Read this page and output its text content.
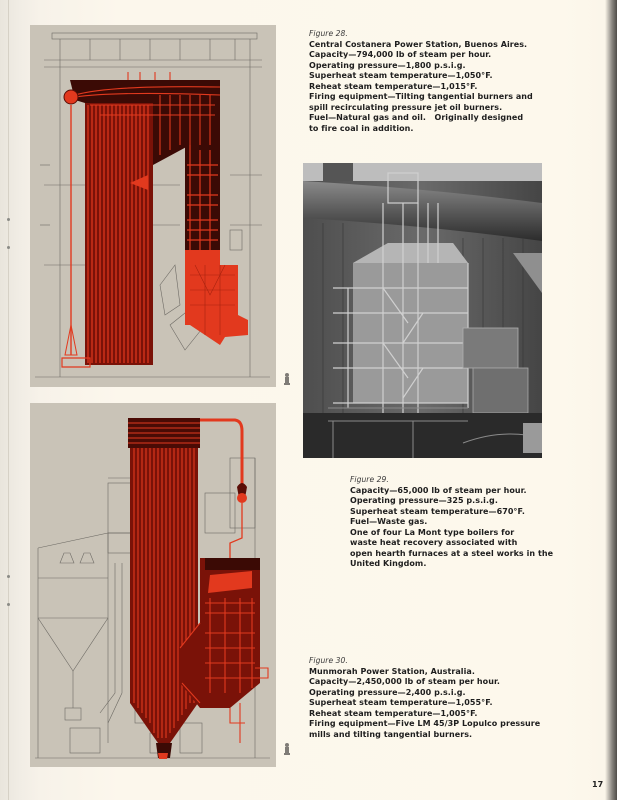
Figure 28.
Central Costanera Power Station, Buenos Aires.
Capacity—794,000 lb of steam per hour.
Operating pressure—1,800 p.s.i.g.
Superheat steam temperature—1,050°F.
Reheat steam temperature—1,015°F.
Firing equipment—Tilting tangential burners and
spill recirculating pressure jet oil burners.
Fuel—Natural gas and oil.   Originally designed
to fire coal in addition.
Figure 29.
Capacity—65,000 lb of steam per hour.
Operating pressure—325 p.s.i.g.
Superheat steam temperature—670°F.
Fuel—Waste gas.
One of four La Mont type boilers for
waste heat recovery associated with
open hearth furnaces at a steel works in the
United Kingdom.
Figure 30.
Munmorah Power Station, Australia.
Capacity—2,450,000 lb of steam per hour.
Operating pressure—2,400 p.s.i.g.
Superheat steam temperature—1,055°F.
Reheat steam temperature—1,005°F.
Firing equipment—Five LM 45/3P Lopulco pressure
mills and tilting tangential burners.
17
